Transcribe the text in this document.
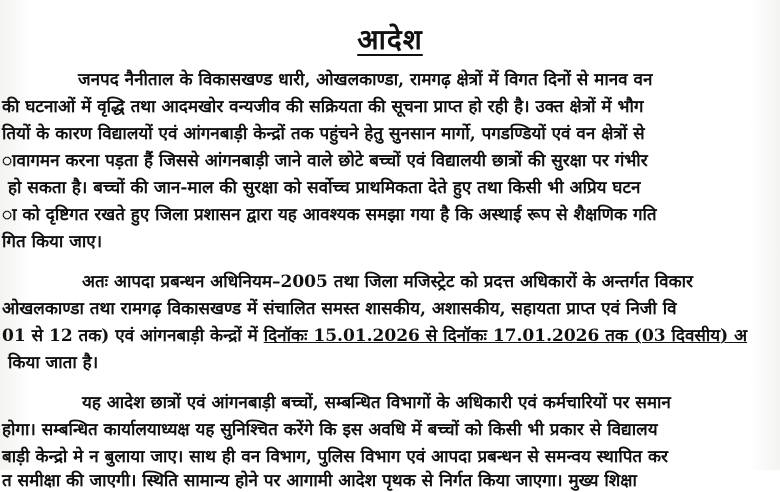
आदेश
जनपद नैनीताल के विकासखण्ड धारी, ओखलकाण्डा, रामगढ़ क्षेत्रों में विगत दिनों से मानव वन
की घटनाओं में वृद्धि तथा आदमखोर वन्यजीव की सक्रियता की सूचना प्राप्त हो रही है। उक्त क्षेत्रों में भौग
तियों के कारण विद्यालयों एवं आंगनबाड़ी केन्द्रों तक पहुंचने हेतु सुनसान मार्गो, पगडण्डियों एवं वन क्षेत्रों से
ावागमन करना पड़ता हैं जिससे आंगनबाड़ी जाने वाले छोटे बच्चों एवं विद्यालयी छात्रों की सुरक्षा पर गंभीर
हो सकता है। बच्चों की जान-माल की सुरक्षा को सर्वोच्च प्राथमिकता देते हुए तथा किसी भी अप्रिय घटन
ा को दृष्टिगत रखते हुए जिला प्रशासन द्वारा यह आवश्यक समझा गया है कि अस्थाई रूप से शैक्षणिक गति
गित किया जाए।
अतः आपदा प्रबन्धन अधिनियम–2005 तथा जिला मजिस्ट्रेट को प्रदत्त अधिकारों के अन्तर्गत विकार
ओखलकाण्डा तथा रामगढ़ विकासखण्ड में संचालित समस्त शासकीय, अशासकीय, सहायता प्राप्त एवं निजी वि
01 से 12 तक) एवं आंगनबाड़ी केन्द्रों में दिनॉकः 15.01.2026 से दिनॉकः 17.01.2026 तक (03 दिवसीय) अ
किया जाता है।
यह आदेश छात्रों एवं आंगनबाड़ी बच्चों, सम्बन्धित विभागों के अधिकारी एवं कर्मचारियों पर समान
होगा। सम्बन्धित कार्यालयाध्यक्ष यह सुनिश्चित करेंगे कि इस अवधि में बच्चों को किसी भी प्रकार से विद्यालय
बाड़ी केन्द्रो मे न बुलाया जाए। साथ ही वन विभाग, पुलिस विभाग एवं आपदा प्रबन्धन से समन्वय स्थापित कर
त समीक्षा की जाएगी। स्थिति सामान्य होने पर आगामी आदेश पृथक से निर्गत किया जाएगा। मुख्य शिक्षा
